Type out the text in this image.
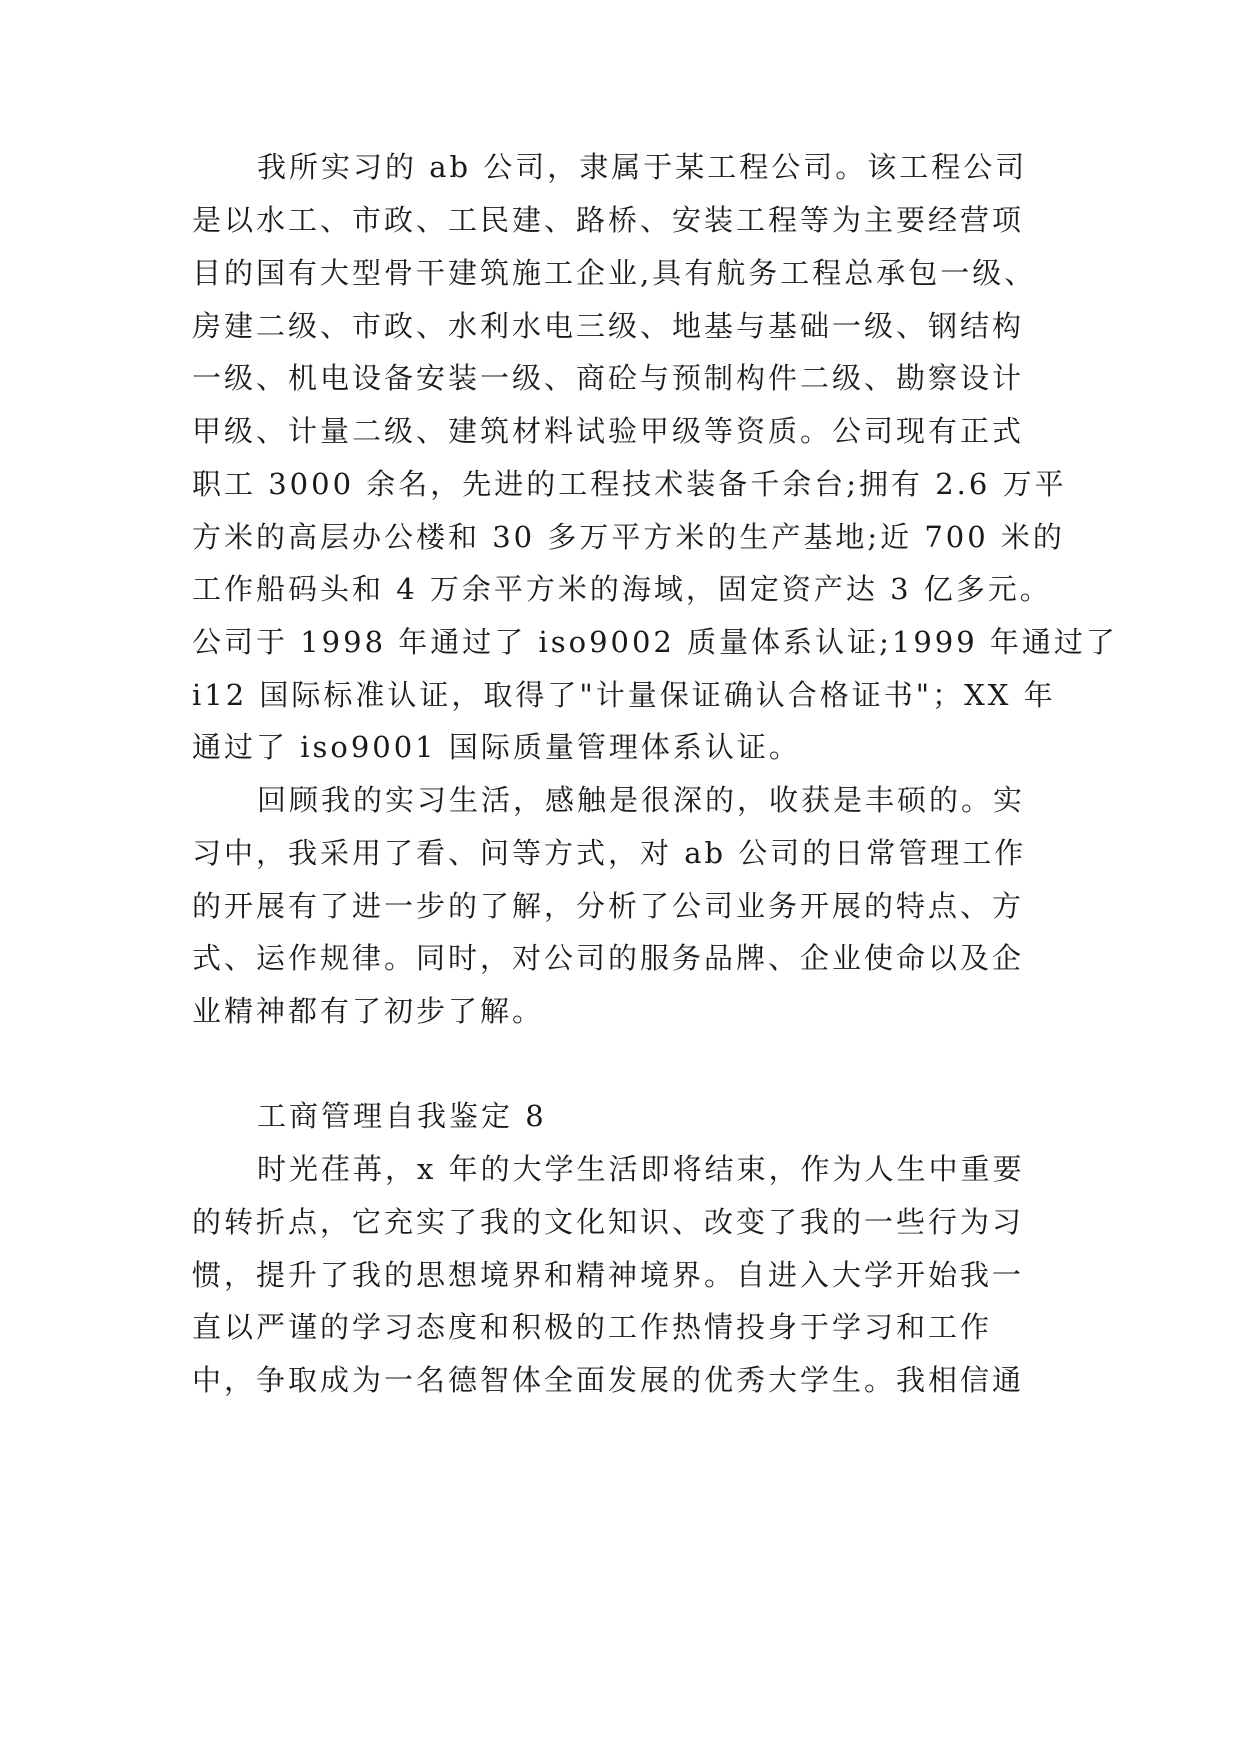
我所实习的 ab 公司，隶属于某工程公司。该工程公司
是以水工、市政、工民建、路桥、安装工程等为主要经营项
目的国有大型骨干建筑施工企业,具有航务工程总承包一级、
房建二级、市政、水利水电三级、地基与基础一级、钢结构
一级、机电设备安装一级、商砼与预制构件二级、勘察设计
甲级、计量二级、建筑材料试验甲级等资质。公司现有正式
职工 3000 余名，先进的工程技术装备千余台;拥有 2.6 万平
方米的高层办公楼和 30 多万平方米的生产基地;近 700 米的
工作船码头和 4 万余平方米的海域，固定资产达 3 亿多元。
公司于 1998 年通过了 iso9002 质量体系认证;1999 年通过了
i12 国际标准认证，取得了"计量保证确认合格证书"；XX 年
通过了 iso9001 国际质量管理体系认证。
回顾我的实习生活，感触是很深的，收获是丰硕的。实
习中，我采用了看、问等方式，对 ab 公司的日常管理工作
的开展有了进一步的了解，分析了公司业务开展的特点、方
式、运作规律。同时，对公司的服务品牌、企业使命以及企
业精神都有了初步了解。
工商管理自我鉴定 8
时光荏苒，x 年的大学生活即将结束，作为人生中重要
的转折点，它充实了我的文化知识、改变了我的一些行为习
惯，提升了我的思想境界和精神境界。自进入大学开始我一
直以严谨的学习态度和积极的工作热情投身于学习和工作
中，争取成为一名德智体全面发展的优秀大学生。我相信通
